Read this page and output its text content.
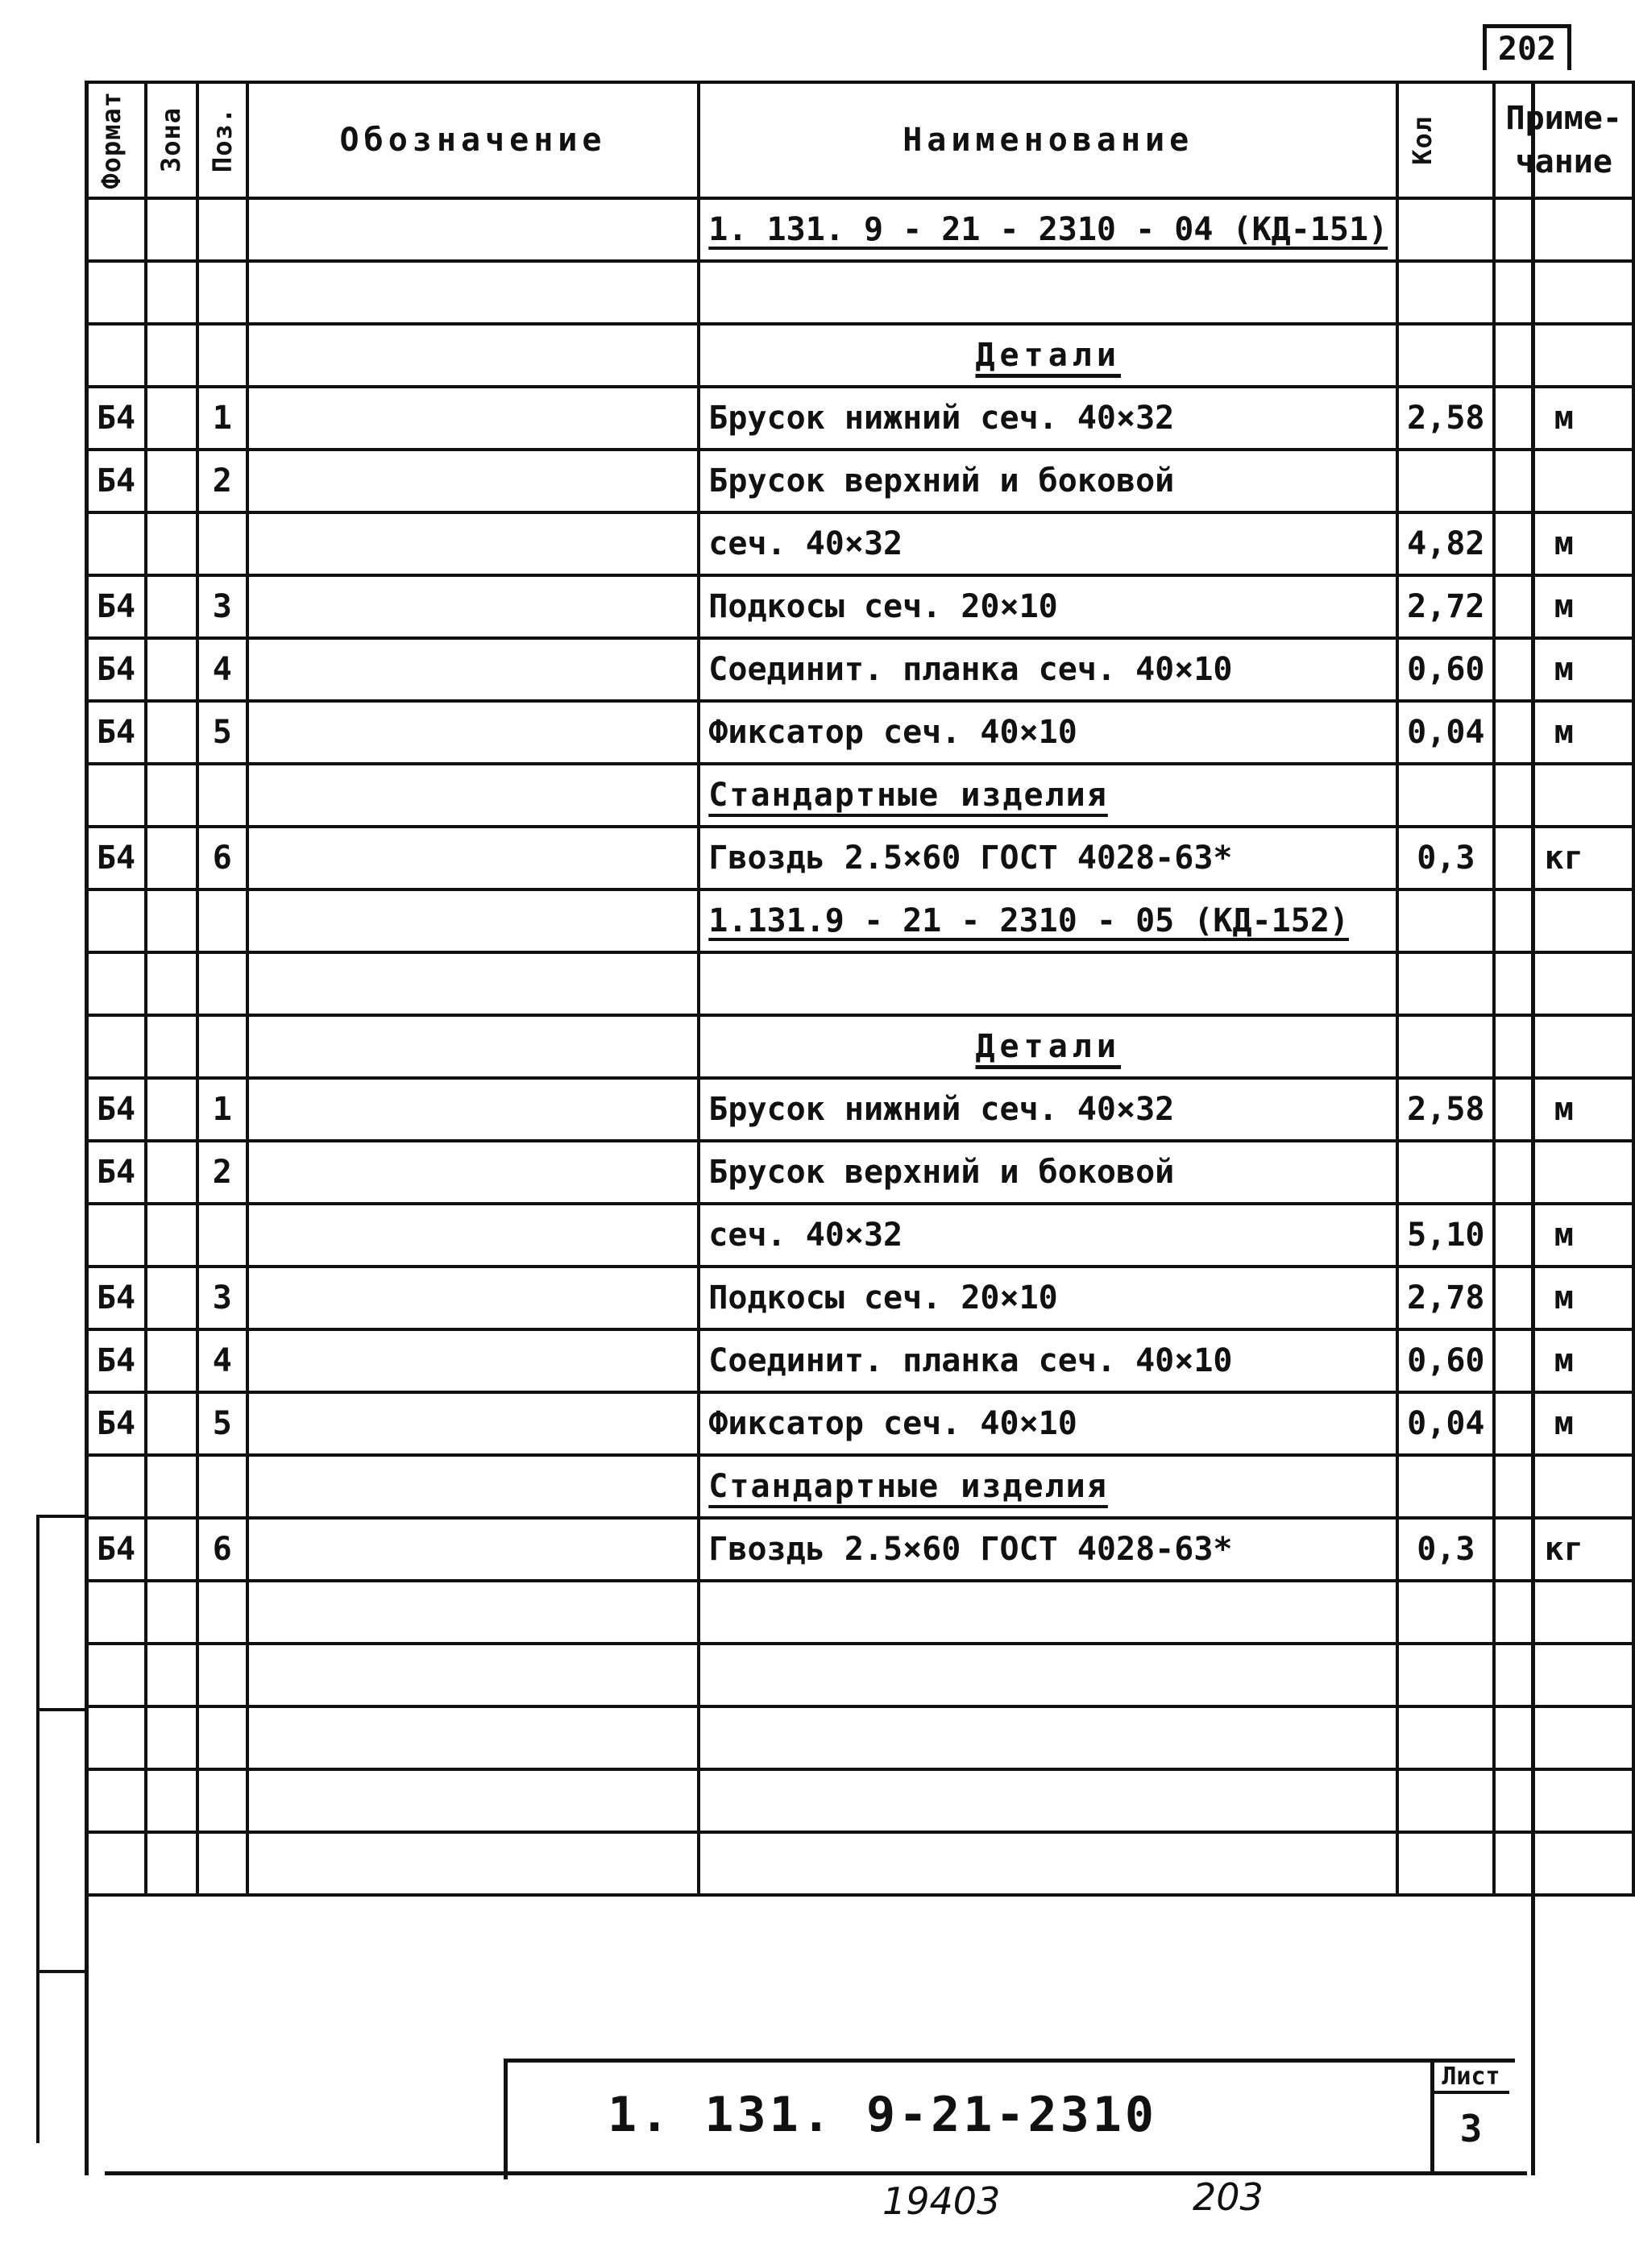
202
Формат	Зона	Поз.	Обозначение	Наименование	Кол	Приме-
чание

				1. 131. 9 - 21 - 2310 - 04 (КД-151)		

				Детали		
Б4		1		Брусок нижний сеч. 40×32	2,58	м
Б4		2		Брусок верхний и боковой		
				сеч. 40×32	4,82	м
Б4		3		Подкосы сеч. 20×10	2,72	м
Б4		4		Соединит. планка сеч. 40×10	0,60	м
Б4		5		Фиксатор сеч. 40×10	0,04	м
				Стандартные изделия		
Б4		6		Гвоздь 2.5×60 ГОСТ 4028-63*	0,3	кг
				1.131.9 - 21 - 2310 - 05 (КД-152)		

				Детали		
Б4		1		Брусок нижний сеч. 40×32	2,58	м
Б4		2		Брусок верхний и боковой		
				сеч. 40×32	5,10	м
Б4		3		Подкосы сеч. 20×10	2,78	м
Б4		4		Соединит. планка сеч. 40×10	0,60	м
Б4		5		Фиксатор сеч. 40×10	0,04	м
				Стандартные изделия		
Б4		6		Гвоздь 2.5×60 ГОСТ 4028-63*	0,3	кг

1. 131. 9-21-2310
Лист
3
19403	203
